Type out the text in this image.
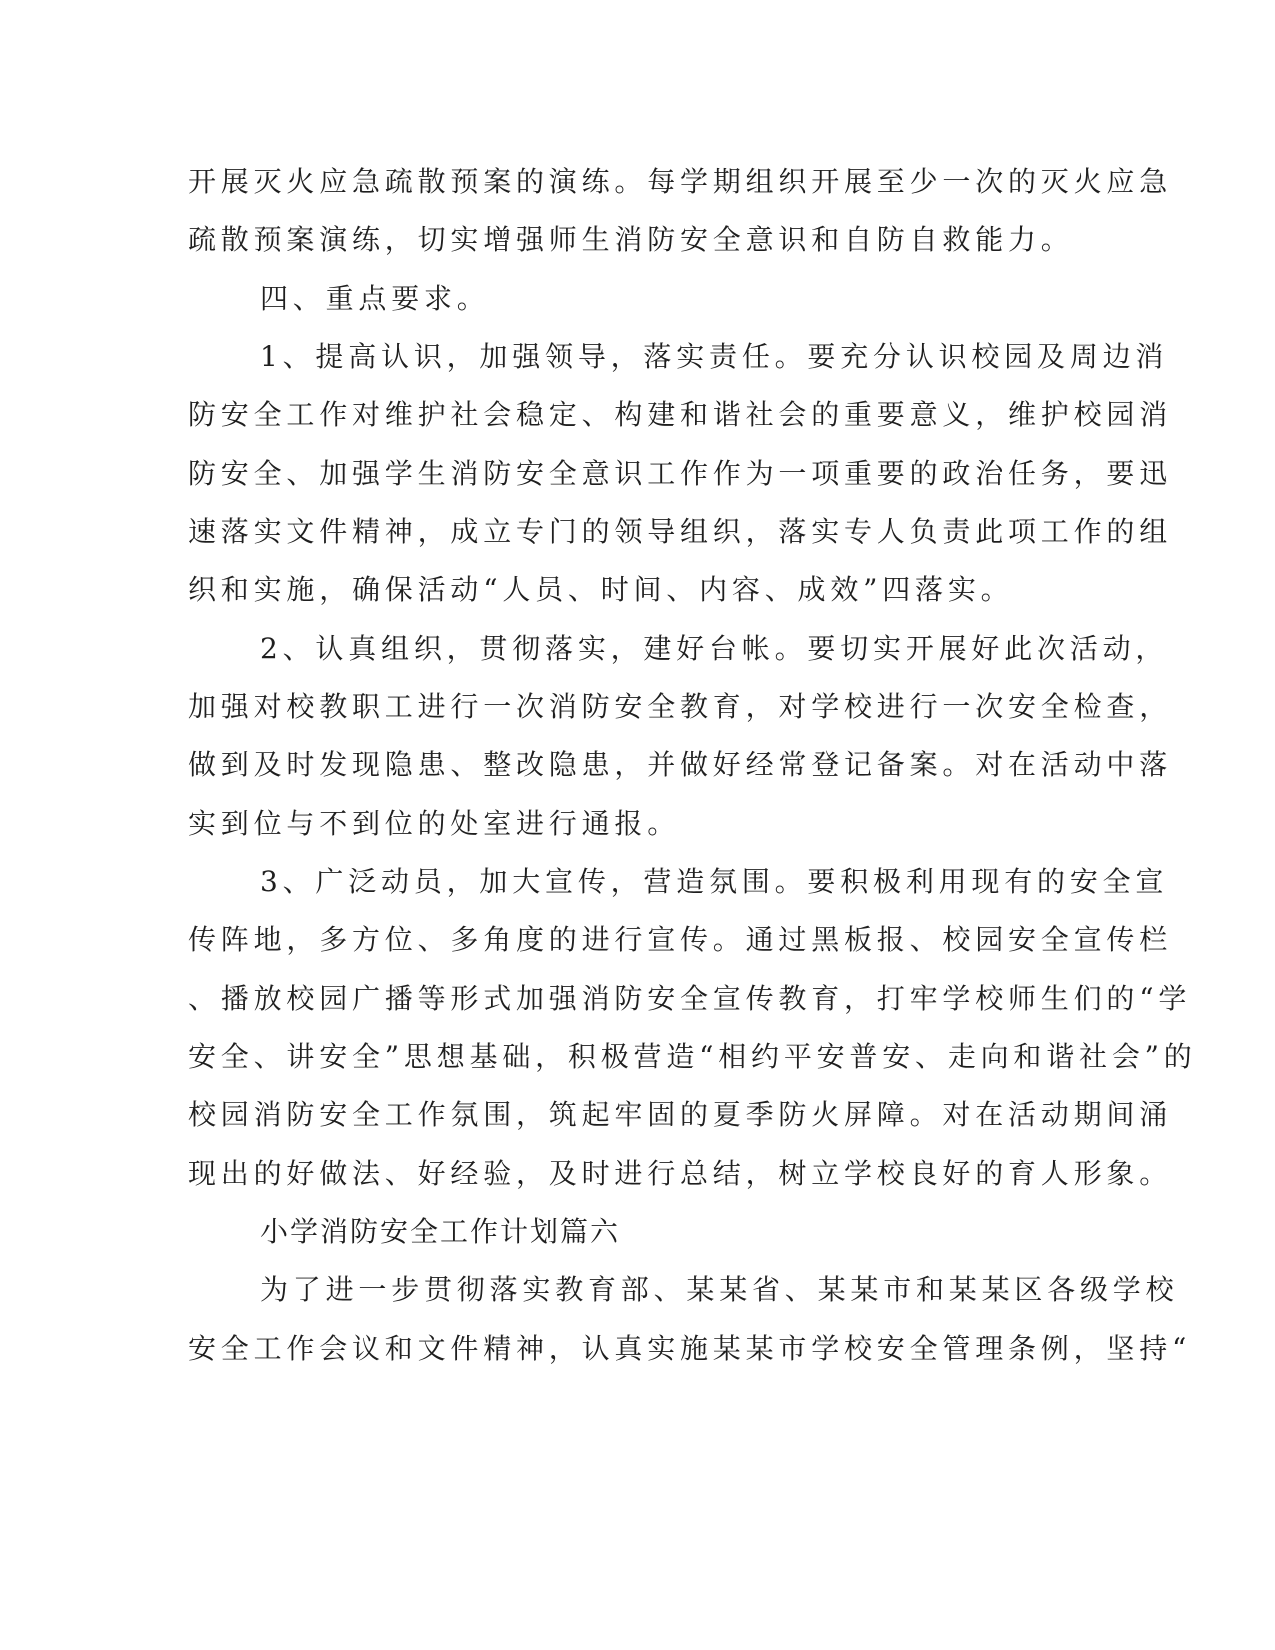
开展灭火应急疏散预案的演练。每学期组织开展至少一次的灭火应急

疏散预案演练，切实增强师生消防安全意识和自防自救能力。

四、重点要求。

1、提高认识，加强领导，落实责任。要充分认识校园及周边消

防安全工作对维护社会稳定、构建和谐社会的重要意义，维护校园消

防安全、加强学生消防安全意识工作作为一项重要的政治任务，要迅

速落实文件精神，成立专门的领导组织，落实专人负责此项工作的组

织和实施，确保活动“人员、时间、内容、成效”四落实。

2、认真组织，贯彻落实，建好台帐。要切实开展好此次活动，

加强对校教职工进行一次消防安全教育，对学校进行一次安全检查，

做到及时发现隐患、整改隐患，并做好经常登记备案。对在活动中落

实到位与不到位的处室进行通报。

3、广泛动员，加大宣传，营造氛围。要积极利用现有的安全宣

传阵地，多方位、多角度的进行宣传。通过黑板报、校园安全宣传栏

、播放校园广播等形式加强消防安全宣传教育，打牢学校师生们的“学

安全、讲安全”思想基础，积极营造“相约平安普安、走向和谐社会”的

校园消防安全工作氛围，筑起牢固的夏季防火屏障。对在活动期间涌

现出的好做法、好经验，及时进行总结，树立学校良好的育人形象。

小学消防安全工作计划篇六

为了进一步贯彻落实教育部、某某省、某某市和某某区各级学校

安全工作会议和文件精神，认真实施某某市学校安全管理条例，坚持“
